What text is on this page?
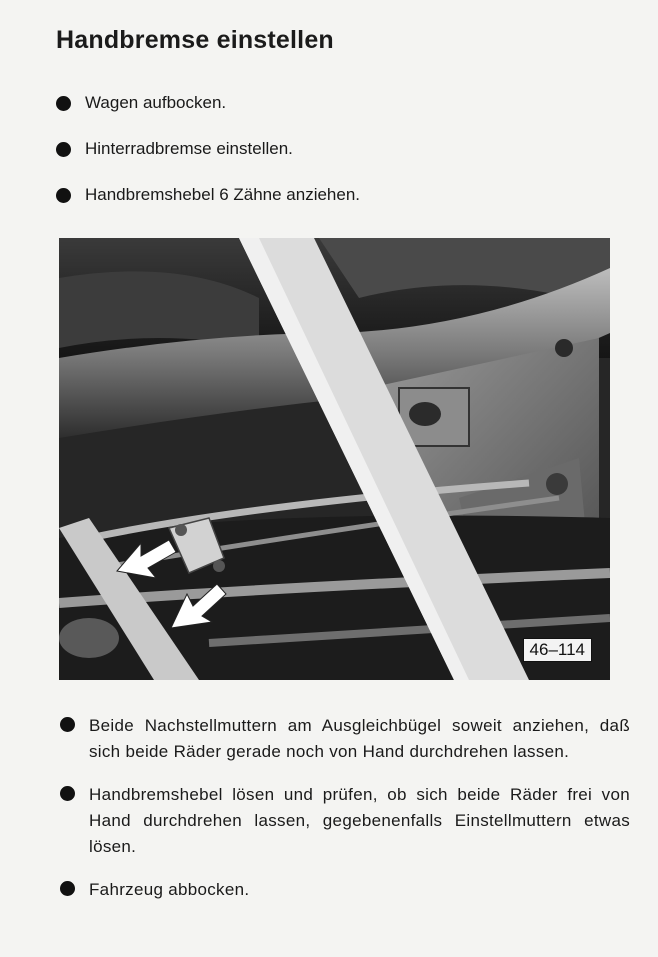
Handbremse einstellen
Wagen aufbocken.
Hinterradbremse einstellen.
Handbremshebel 6 Zähne anziehen.
46–114
Beide Nachstellmuttern am Ausgleichbügel soweit anziehen, daß sich beide Räder gerade noch von Hand durchdrehen lassen.
Handbremshebel lösen und prüfen, ob sich beide Räder frei von Hand durchdrehen lassen, gegebenenfalls Einstellmuttern etwas lösen.
Fahrzeug abbocken.
